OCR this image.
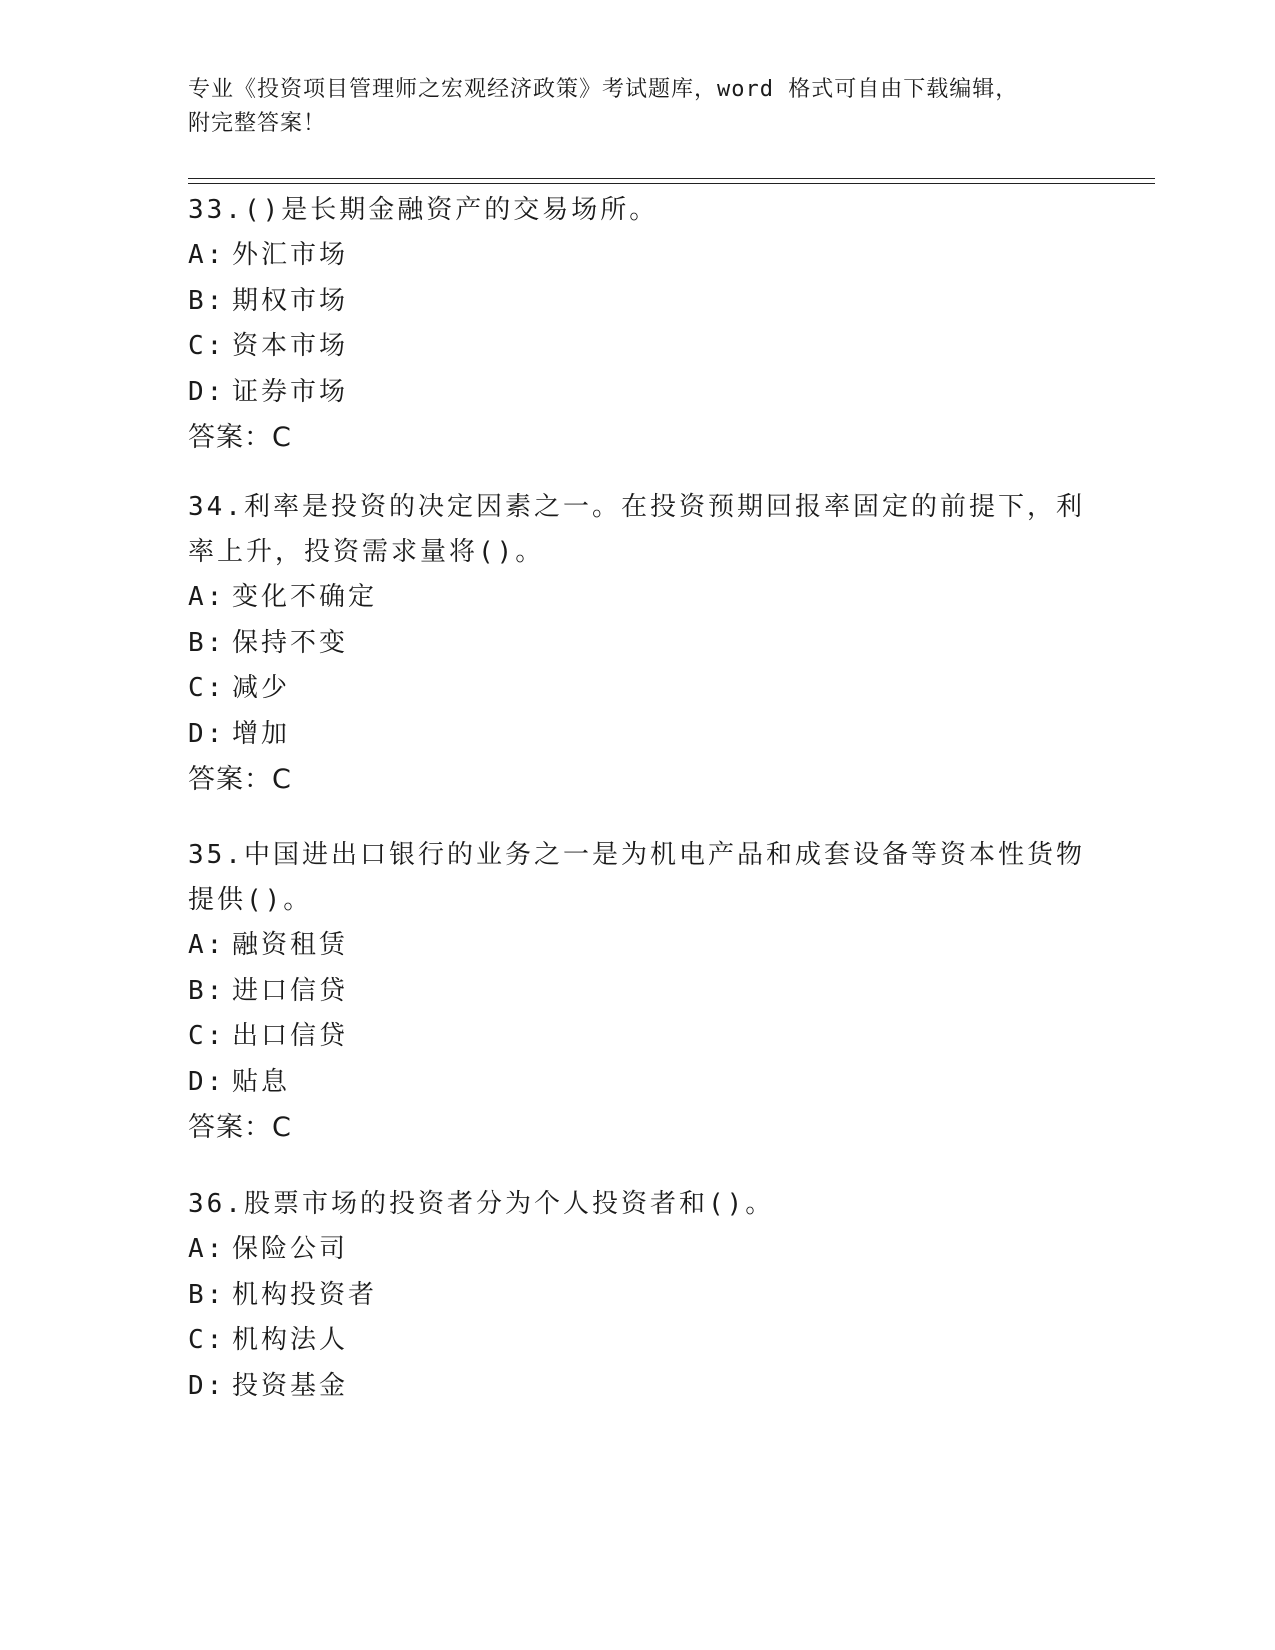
专业《投资项目管理师之宏观经济政策》考试题库，word 格式可自由下载编辑，
附完整答案！

33.()是长期金融资产的交易场所。

A: 外汇市场
B: 期权市场
C: 资本市场
D: 证券市场
答案：C

34.利率是投资的决定因素之一。在投资预期回报率固定的前提下，利率上升，投资需求量将()。

A: 变化不确定
B: 保持不变
C: 减少
D: 增加
答案：C

35.中国进出口银行的业务之一是为机电产品和成套设备等资本性货物提供()。

A: 融资租赁
B: 进口信贷
C: 出口信贷
D: 贴息
答案：C

36.股票市场的投资者分为个人投资者和()。

A: 保险公司
B: 机构投资者
C: 机构法人
D: 投资基金
